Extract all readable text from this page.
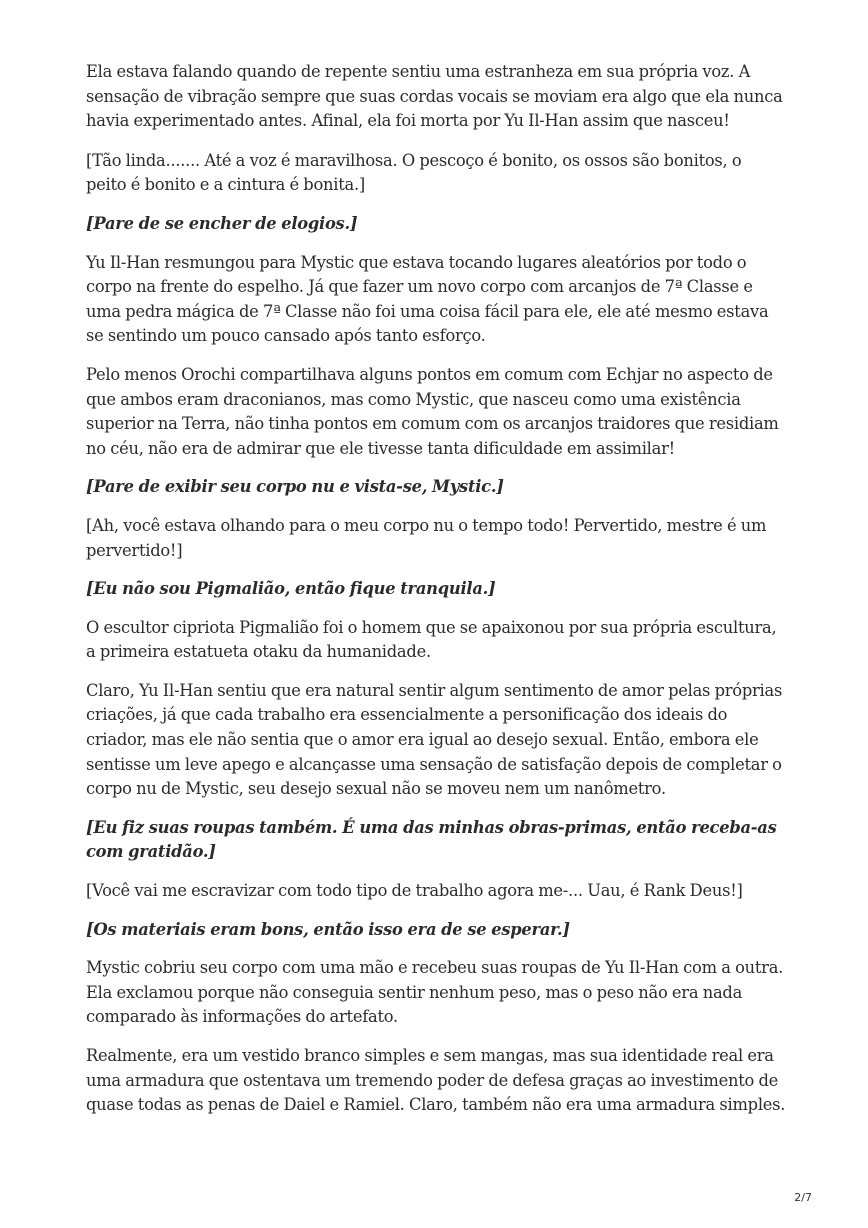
Ela estava falando quando de repente sentiu uma estranheza em sua própria voz. A sensação de vibração sempre que suas cordas vocais se moviam era algo que ela nunca havia experimentado antes. Afinal, ela foi morta por Yu Il-Han assim que nasceu!

[Tão linda....... Até a voz é maravilhosa. O pescoço é bonito, os ossos são bonitos, o peito é bonito e a cintura é bonita.]

[Pare de se encher de elogios.]

Yu Il-Han resmungou para Mystic que estava tocando lugares aleatórios por todo o corpo na frente do espelho. Já que fazer um novo corpo com arcanjos de 7ª Classe e uma pedra mágica de 7ª Classe não foi uma coisa fácil para ele, ele até mesmo estava se sentindo um pouco cansado após tanto esforço.

Pelo menos Orochi compartilhava alguns pontos em comum com Echjar no aspecto de que ambos eram draconianos, mas como Mystic, que nasceu como uma existência superior na Terra, não tinha pontos em comum com os arcanjos traidores que residiam no céu, não era de admirar que ele tivesse tanta dificuldade em assimilar!

[Pare de exibir seu corpo nu e vista-se, Mystic.]

[Ah, você estava olhando para o meu corpo nu o tempo todo! Pervertido, mestre é um pervertido!]

[Eu não sou Pigmalião, então fique tranquila.]

O escultor cipriota Pigmalião foi o homem que se apaixonou por sua própria escultura, a primeira estatueta otaku da humanidade.

Claro, Yu Il-Han sentiu que era natural sentir algum sentimento de amor pelas próprias criações, já que cada trabalho era essencialmente a personificação dos ideais do criador, mas ele não sentia que o amor era igual ao desejo sexual. Então, embora ele sentisse um leve apego e alcançasse uma sensação de satisfação depois de completar o corpo nu de Mystic, seu desejo sexual não se moveu nem um nanômetro.

[Eu fiz suas roupas também. É uma das minhas obras-primas, então receba-as com gratidão.]

[Você vai me escravizar com todo tipo de trabalho agora me-... Uau, é Rank Deus!]

[Os materiais eram bons, então isso era de se esperar.]

Mystic cobriu seu corpo com uma mão e recebeu suas roupas de Yu Il-Han com a outra. Ela exclamou porque não conseguia sentir nenhum peso, mas o peso não era nada comparado às informações do artefato.

Realmente, era um vestido branco simples e sem mangas, mas sua identidade real era uma armadura que ostentava um tremendo poder de defesa graças ao investimento de quase todas as penas de Daiel e Ramiel. Claro, também não era uma armadura simples.

2/7
